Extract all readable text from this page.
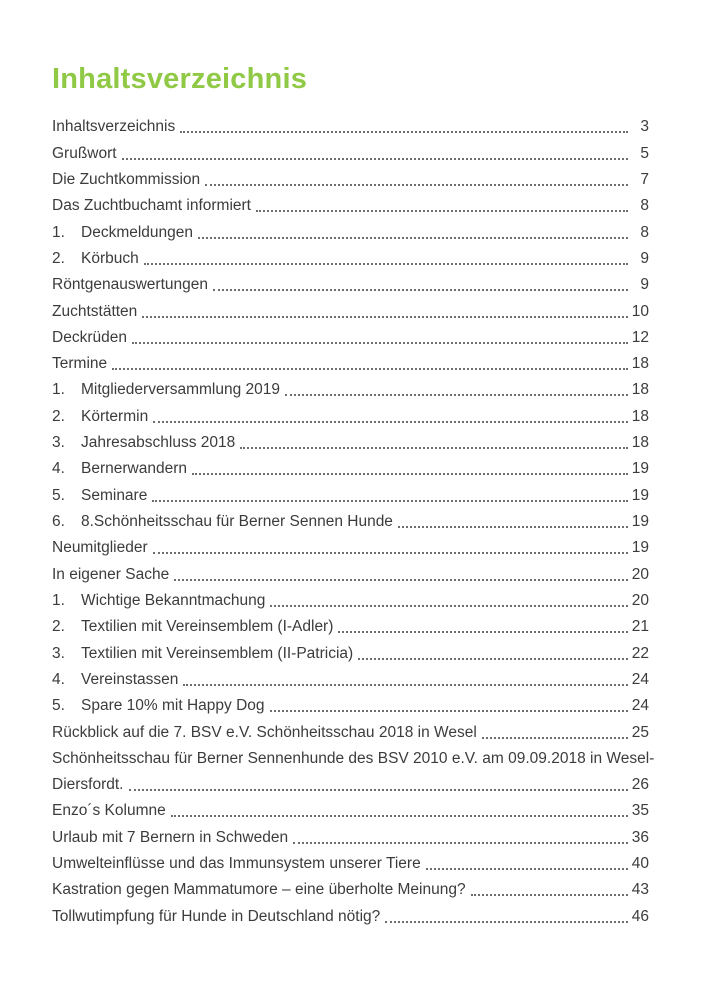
Inhaltsverzeichnis
Inhaltsverzeichnis	3
Grußwort	5
Die Zuchtkommission	7
Das Zuchtbuchamt informiert	8
1.	Deckmeldungen	8
2.	Körbuch	9
Röntgenauswertungen	9
Zuchtstätten	10
Deckrüden	12
Termine	18
1.	Mitgliederversammlung 2019	18
2.	Körtermin	18
3.	Jahresabschluss 2018	18
4.	Bernerwandern	19
5.	Seminare	19
6.	8.Schönheitsschau für Berner Sennen Hunde	19
Neumitglieder	19
In eigener Sache	20
1.	Wichtige Bekanntmachung	20
2.	Textilien mit Vereinsemblem (I-Adler)	21
3.	Textilien mit Vereinsemblem (II-Patricia)	22
4.	Vereinstassen	24
5.	Spare 10% mit Happy Dog	24
Rückblick auf die 7. BSV e.V. Schönheitsschau 2018 in Wesel	25
Schönheitsschau für Berner Sennenhunde des BSV 2010 e.V. am 09.09.2018 in Wesel-
Diersfordt.	26
Enzo´s Kolumne	35
Urlaub mit 7 Bernern in Schweden	36
Umwelteinflüsse und das Immunsystem unserer Tiere	40
Kastration gegen Mammatumore – eine überholte Meinung?	43
Tollwutimpfung für Hunde in Deutschland nötig?	46
